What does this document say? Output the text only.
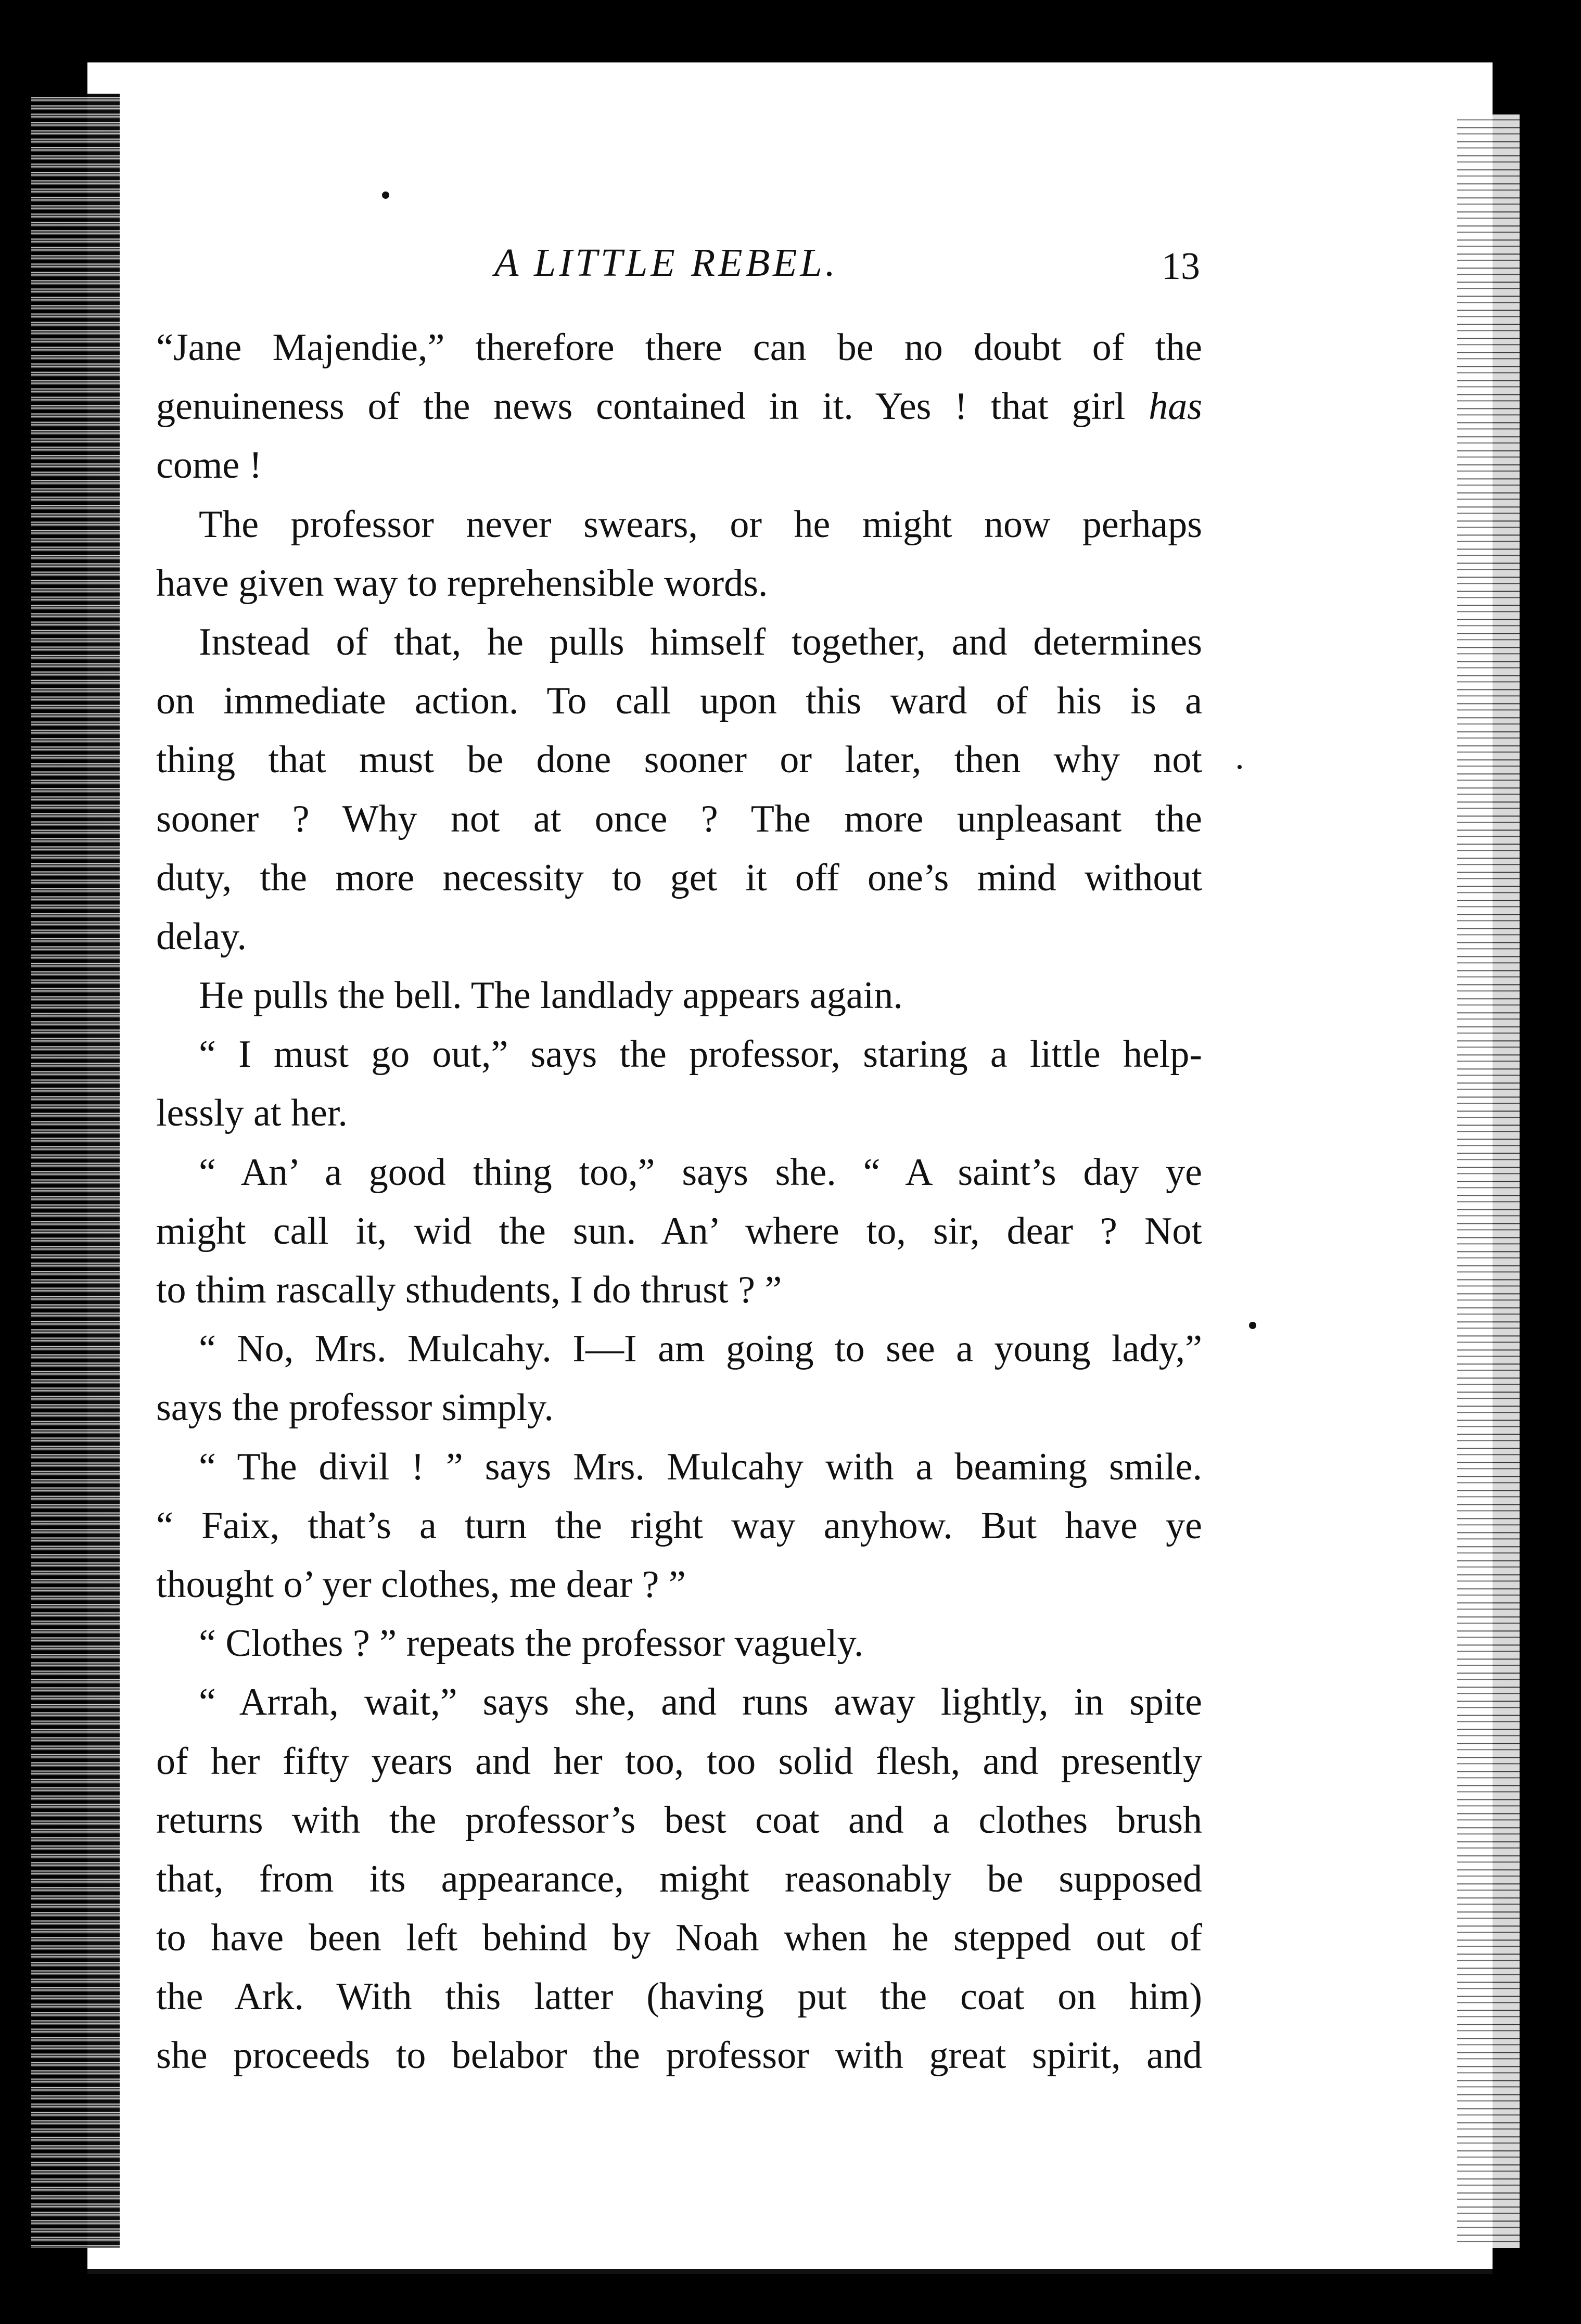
A LITTLE REBEL.	13
“Jane Majendie,” therefore there can be no doubt of the
genuineness of the news contained in it. Yes ! that girl has
come !
The professor never swears, or he might now perhaps
have given way to reprehensible words.
Instead of that, he pulls himself together, and determines
on immediate action. To call upon this ward of his is a
thing that must be done sooner or later, then why not
sooner ? Why not at once ? The more unpleasant the
duty, the more necessity to get it off one’s mind without
delay.
He pulls the bell. The landlady appears again.
“ I must go out,” says the professor, staring a little help-
lessly at her.
“ An’ a good thing too,” says she. “ A saint’s day ye
might call it, wid the sun. An’ where to, sir, dear ? Not
to thim rascally sthudents, I do thrust ? ”
“ No, Mrs. Mulcahy. I—I am going to see a young lady,”
says the professor simply.
“ The divil ! ” says Mrs. Mulcahy with a beaming smile.
“ Faix, that’s a turn the right way anyhow. But have ye
thought o’ yer clothes, me dear ? ”
“ Clothes ? ” repeats the professor vaguely.
“ Arrah, wait,” says she, and runs away lightly, in spite
of her fifty years and her too, too solid flesh, and presently
returns with the professor’s best coat and a clothes brush
that, from its appearance, might reasonably be supposed
to have been left behind by Noah when he stepped out of
the Ark. With this latter (having put the coat on him)
she proceeds to belabor the professor with great spirit, and
